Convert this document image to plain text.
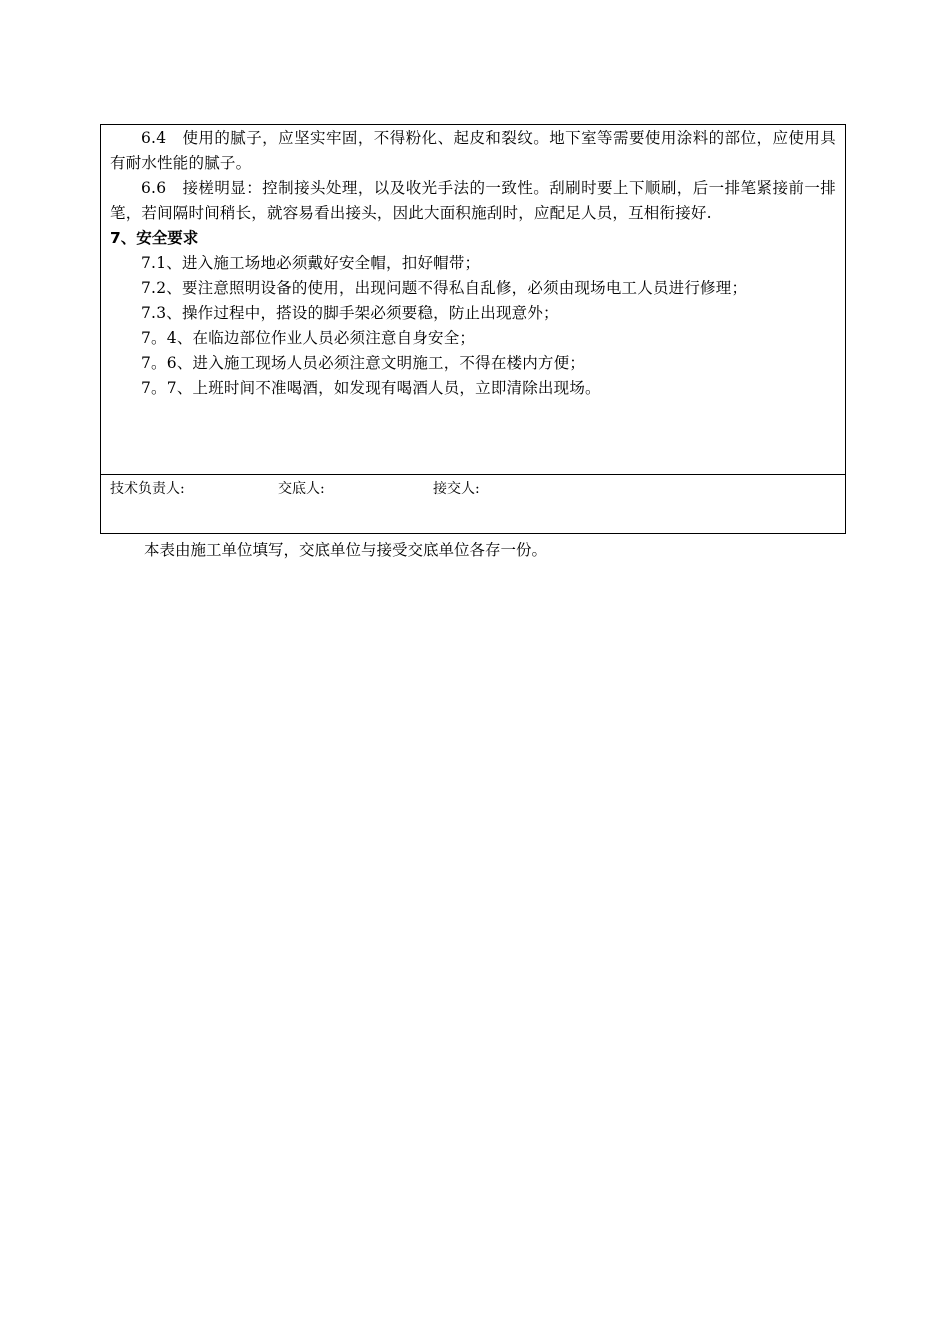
6.4　使用的腻子，应坚实牢固，不得粉化、起皮和裂纹。地下室等需要使用涂料的部位，应使用具有耐水性能的腻子。

6.6　接槎明显：控制接头处理，以及收光手法的一致性。刮刷时要上下顺刷，后一排笔紧接前一排笔，若间隔时间稍长，就容易看出接头，因此大面积施刮时，应配足人员，互相衔接好.

7、安全要求

7.1、进入施工场地必须戴好安全帽，扣好帽带；

7.2、要注意照明设备的使用，出现问题不得私自乱修，必须由现场电工人员进行修理；

7.3、操作过程中，搭设的脚手架必须要稳，防止出现意外；

7。4、在临边部位作业人员必须注意自身安全；

7。6、进入施工现场人员必须注意文明施工，不得在楼内方便；

7。7、上班时间不准喝酒，如发现有喝酒人员，立即清除出现场。

技术负责人:	交底人:	接交人:
本表由施工单位填写，交底单位与接受交底单位各存一份。
